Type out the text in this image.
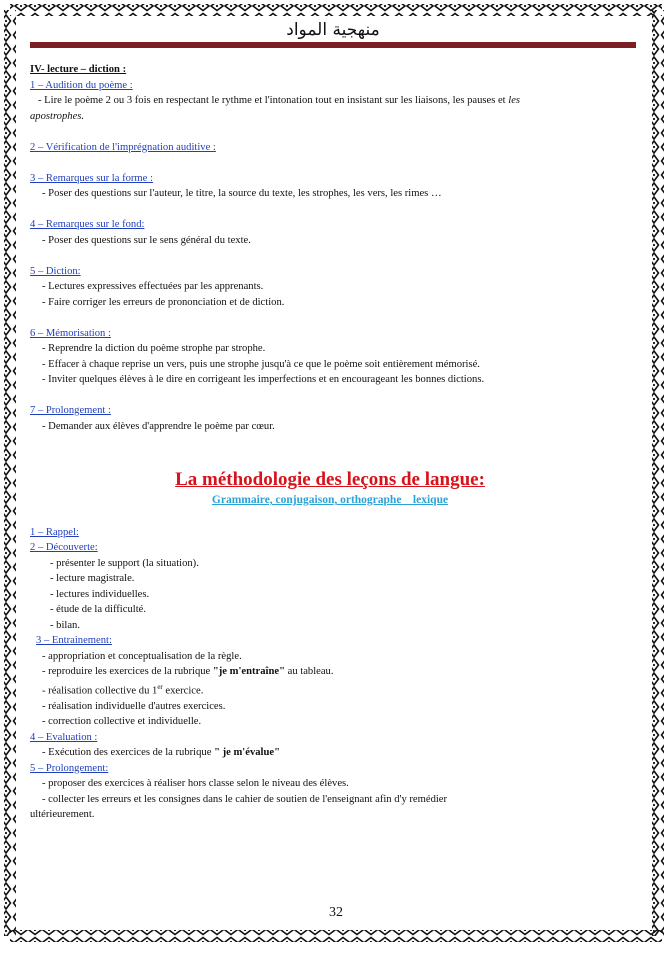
منهجية المواد
IV- lecture – diction :
1 – Audition du poème :
- Lire le poème 2 ou 3 fois en respectant le rythme et l'intonation tout en insistant sur les liaisons, les pauses et les
apostrophes.
2 – Vérification de l'imprégnation auditive :
3 – Remarques sur la forme :
- Poser des questions sur l'auteur, le titre, la source du texte, les strophes, les vers, les rimes …
4 – Remarques sur le fond:
- Poser des questions sur le sens général du texte.
5 – Diction:
- Lectures expressives effectuées par les apprenants.
- Faire corriger les erreurs de prononciation et de diction.
6 – Mémorisation :
- Reprendre la diction du poème strophe par strophe.
- Effacer à chaque reprise un vers, puis une strophe jusqu'à ce que le poème soit entièrement mémorisé.
- Inviter quelques élèves à le dire en corrigeant les imperfections et en encourageant les bonnes dictions.
7 – Prolongement :
- Demander aux élèves d'apprendre le poème par cœur.
La méthodologie des leçons de langue:
Grammaire, conjugaison, orthographe    lexique
1 – Rappel:
2 – Découverte:
- présenter le support (la situation).
- lecture magistrale.
- lectures individuelles.
- étude de la difficulté.
- bilan.
3 – Entrainement:
- appropriation et conceptualisation de la règle.
- reproduire les exercices de la rubrique "je m'entraîne" au tableau.
- réalisation collective du 1er exercice.
- réalisation individuelle d'autres exercices.
- correction collective et individuelle.
4 – Evaluation :
- Exécution des exercices de la rubrique " je m'évalue"
5 – Prolongement:
- proposer des exercices à réaliser hors classe selon le niveau des élèves.
- collecter les erreurs et les consignes dans le cahier de soutien de l'enseignant afin d'y remédier
ultérieurement.
32
